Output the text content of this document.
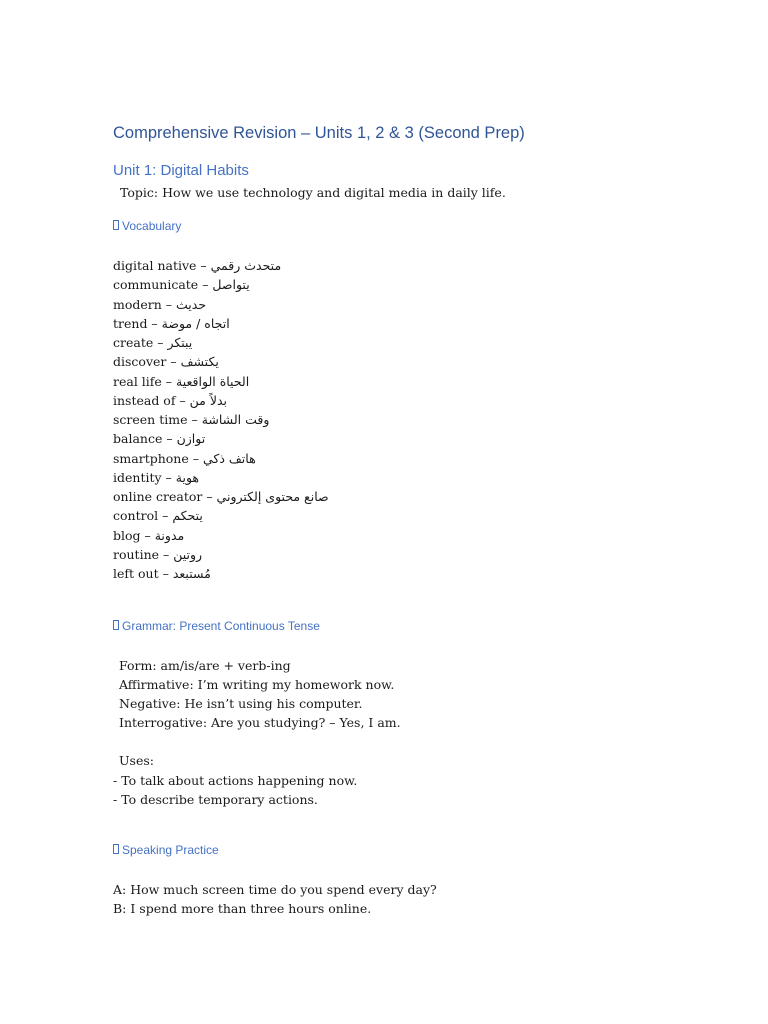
Comprehensive Revision – Units 1, 2 & 3 (Second Prep)
Unit 1: Digital Habits
Topic: How we use technology and digital media in daily life.
Vocabulary
digital native – متحدث رقمي
communicate – يتواصل
modern – حديث
trend – اتجاه / موضة
create – يبتكر
discover – يكتشف
real life – الحياة الواقعية
instead of – بدلاً من
screen time – وقت الشاشة
balance – توازن
smartphone – هاتف ذكي
identity – هوية
online creator – صانع محتوى إلكتروني
control – يتحكم
blog – مدونة
routine – روتين
left out – مُستبعد
Grammar: Present Continuous Tense
Form: am/is/are + verb-ing
Affirmative: I’m writing my homework now.
Negative: He isn’t using his computer.
Interrogative: Are you studying? – Yes, I am.
Uses:
- To talk about actions happening now.
- To describe temporary actions.
Speaking Practice
A: How much screen time do you spend every day?
B: I spend more than three hours online.
